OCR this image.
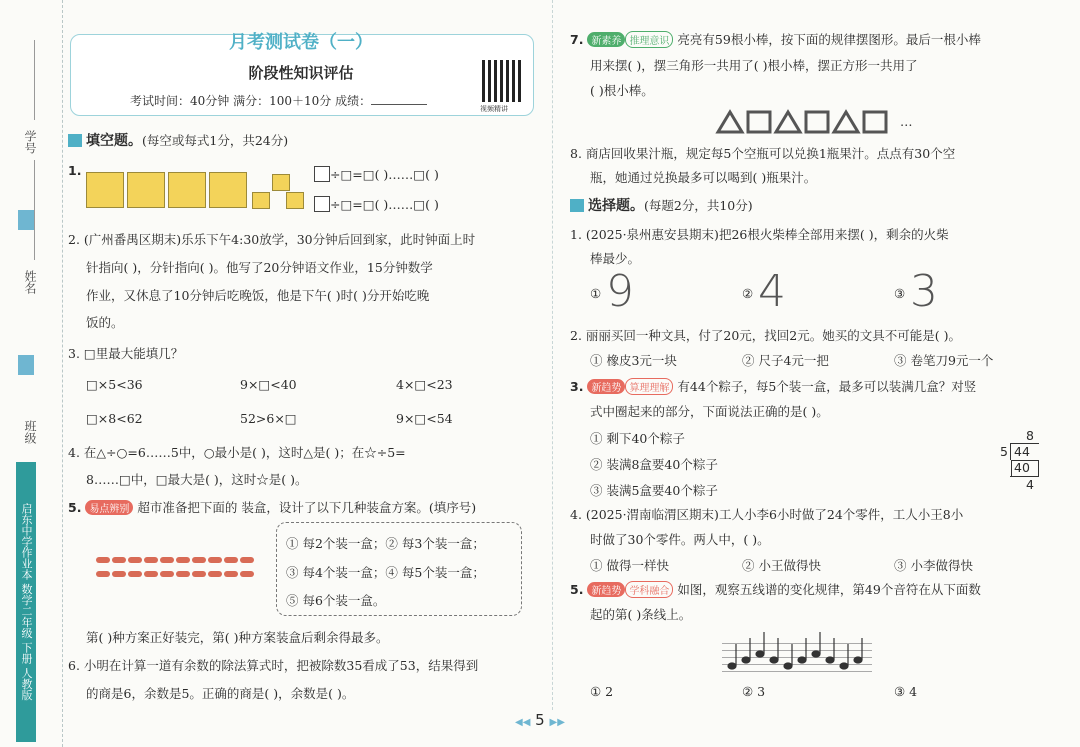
学号
姓名
班级
启东中学作业本 数学二年级 下册 人教版
月考测试卷（一）
阶段性知识评估
考试时间：40分钟 满分：100＋10分 成绩：
视频精讲
填空题。(每空或每式1分，共24分)
1.	÷□=□( )……□( )
÷□=□( )……□( )
2. (广州番禺区期末)乐乐下午4:30放学，30分钟后回到家，此时钟面上时
针指向( )，分针指向( )。他写了20分钟语文作业，15分钟数学
作业，又休息了10分钟后吃晚饭，他是下午( )时( )分开始吃晚
饭的。
3. □里最大能填几？
□×5<36	9×□<40	4×□<23
□×8<62	52>6×□	9×□<54
4. 在△÷○=6……5中，○最小是( )，这时△是( )；在☆÷5=
8……□中，□最大是( )，这时☆是( )。
5. 易点辨别 超市准备把下面的 装盒，设计了以下几种装盒方案。(填序号)
① 每2个装一盒；② 每3个装一盒；
③ 每4个装一盒；④ 每5个装一盒；
⑤ 每6个装一盒。
第( )种方案正好装完，第( )种方案装盒后剩余得最多。
6. 小明在计算一道有余数的除法算式时，把被除数35看成了53，结果得到
的商是6，余数是5。正确的商是( )，余数是( )。
7. 新素养 推理意识 亮亮有59根小棒，按下面的规律摆图形。最后一根小棒
用来摆( )，摆三角形一共用了( )根小棒，摆正方形一共用了
( )根小棒。
…
8. 商店回收果汁瓶，规定每5个空瓶可以兑换1瓶果汁。点点有30个空
瓶，她通过兑换最多可以喝到( )瓶果汁。
选择题。(每题2分，共10分)
1. (2025·泉州惠安县期末)把26根火柴棒全部用来摆( )，剩余的火柴
棒最少。
① 9	② 4	③ 3
2. 丽丽买回一种文具，付了20元，找回2元。她买的文具不可能是( )。
① 橡皮3元一块	② 尺子4元一把	③ 卷笔刀9元一个
3. 新趋势 算理理解 有44个粽子，每5个装一盒，最多可以装满几盒？对竖
式中圈起来的部分，下面说法正确的是( )。
① 剩下40个粽子
② 装满8盒要40个粽子
③ 装满5盒要40个粽子
8
5 44
40
4
4. (2025·渭南临渭区期末)工人小李6小时做了24个零件，工人小王8小
时做了30个零件。两人中，( )。
① 做得一样快	② 小王做得快	③ 小李做得快
5. 新趋势 学科融合 如图，观察五线谱的变化规律，第49个音符在从下面数
起的第( )条线上。
① 2	② 3	③ 4
◀◀ 5 ▶▶
